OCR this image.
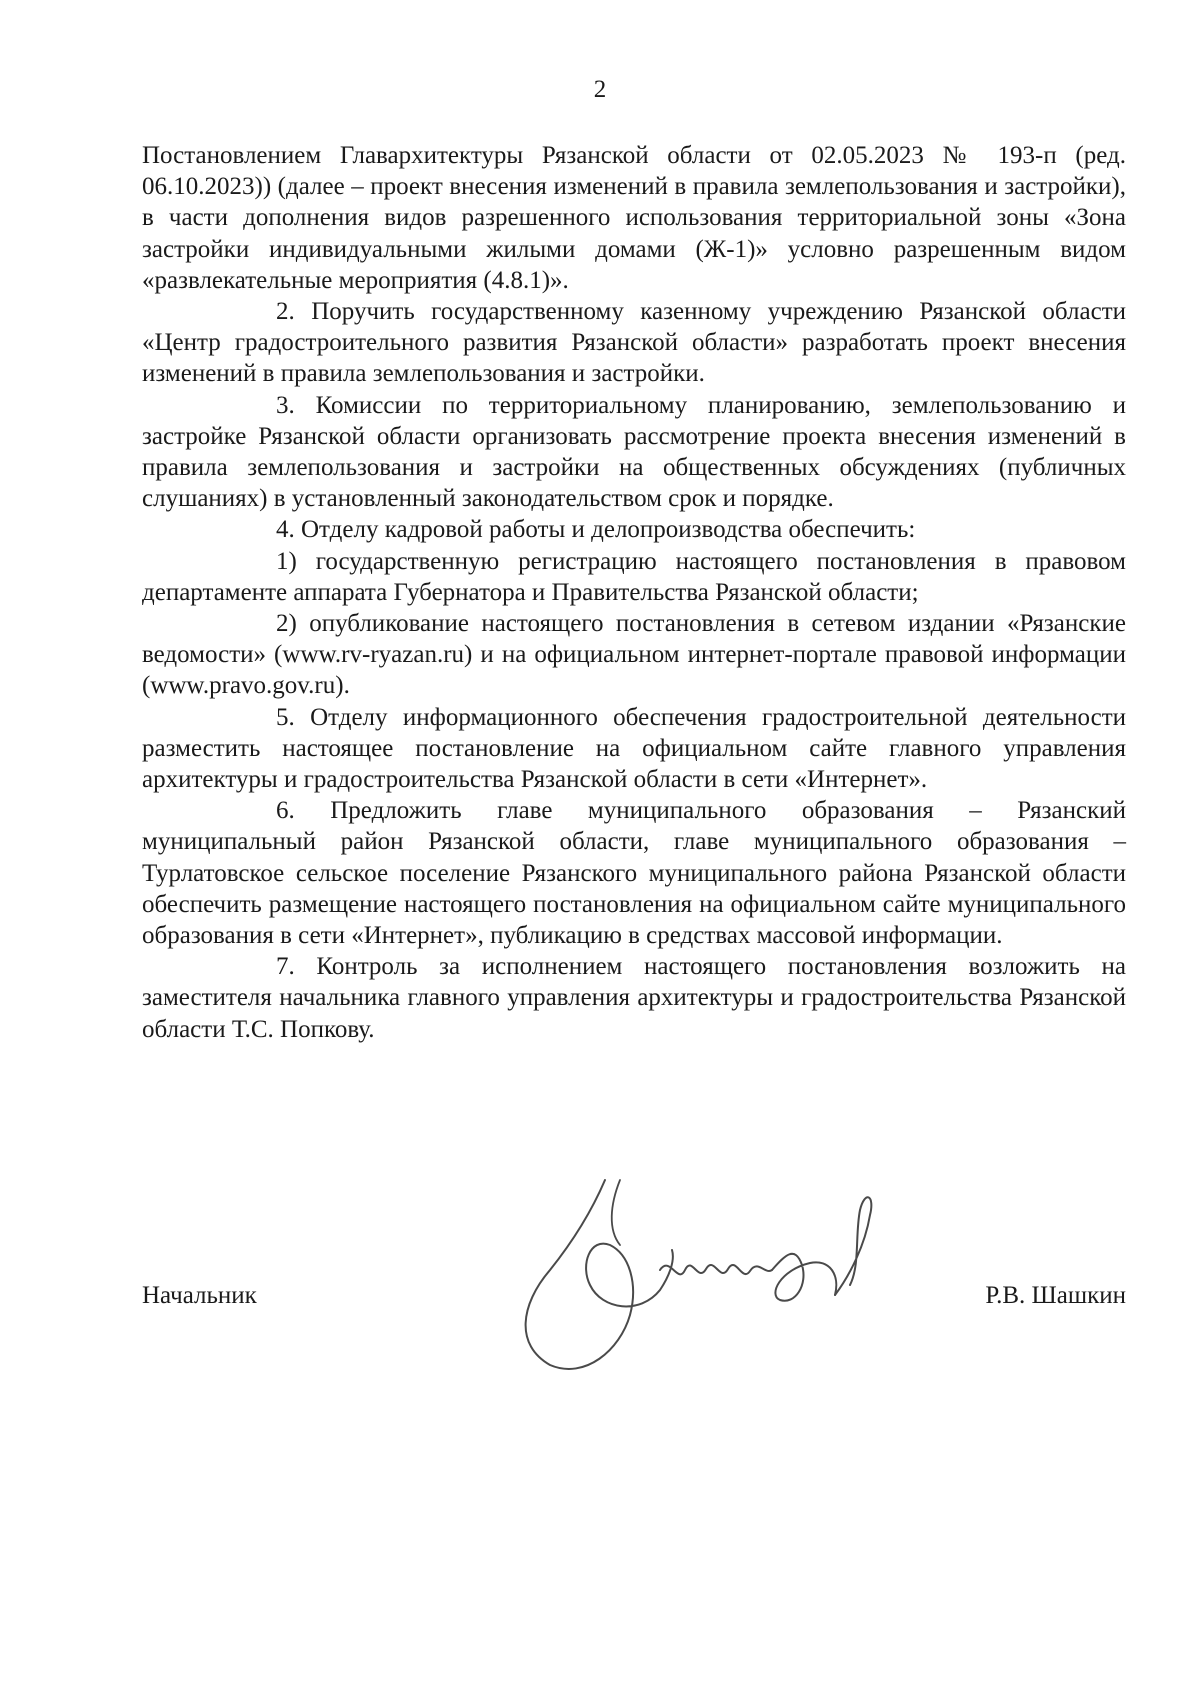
2

Постановлением Главархитектуры Рязанской области от 02.05.2023 № 193-п (ред. 06.10.2023)) (далее – проект внесения изменений в правила землепользования и застройки), в части дополнения видов разрешенного использования территориальной зоны «Зона застройки индивидуальными жилыми домами (Ж-1)» условно разрешенным видом «развлекательные мероприятия (4.8.1)».

2. Поручить государственному казенному учреждению Рязанской области «Центр градостроительного развития Рязанской области» разработать проект внесения изменений в правила землепользования и застройки.

3. Комиссии по территориальному планированию, землепользованию и застройке Рязанской области организовать рассмотрение проекта внесения изменений в правила землепользования и застройки на общественных обсуждениях (публичных слушаниях) в установленный законодательством срок и порядке.

4. Отделу кадровой работы и делопроизводства обеспечить:

1) государственную регистрацию настоящего постановления в правовом департаменте аппарата Губернатора и Правительства Рязанской области;

2) опубликование настоящего постановления в сетевом издании «Рязанские ведомости» (www.rv-ryazan.ru) и на официальном интернет-портале правовой информации (www.pravo.gov.ru).

5. Отделу информационного обеспечения градостроительной деятельности разместить настоящее постановление на официальном сайте главного управления архитектуры и градостроительства Рязанской области в сети «Интернет».

6. Предложить главе муниципального образования – Рязанский муниципальный район Рязанской области, главе муниципального образования – Турлатовское сельское поселение Рязанского муниципального района Рязанской области обеспечить размещение настоящего постановления на официальном сайте муниципального образования в сети «Интернет», публикацию в средствах массовой информации.

7. Контроль за исполнением настоящего постановления возложить на заместителя начальника главного управления архитектуры и градостроительства Рязанской области Т.С. Попкову.

Начальник	Р.В. Шашкин
